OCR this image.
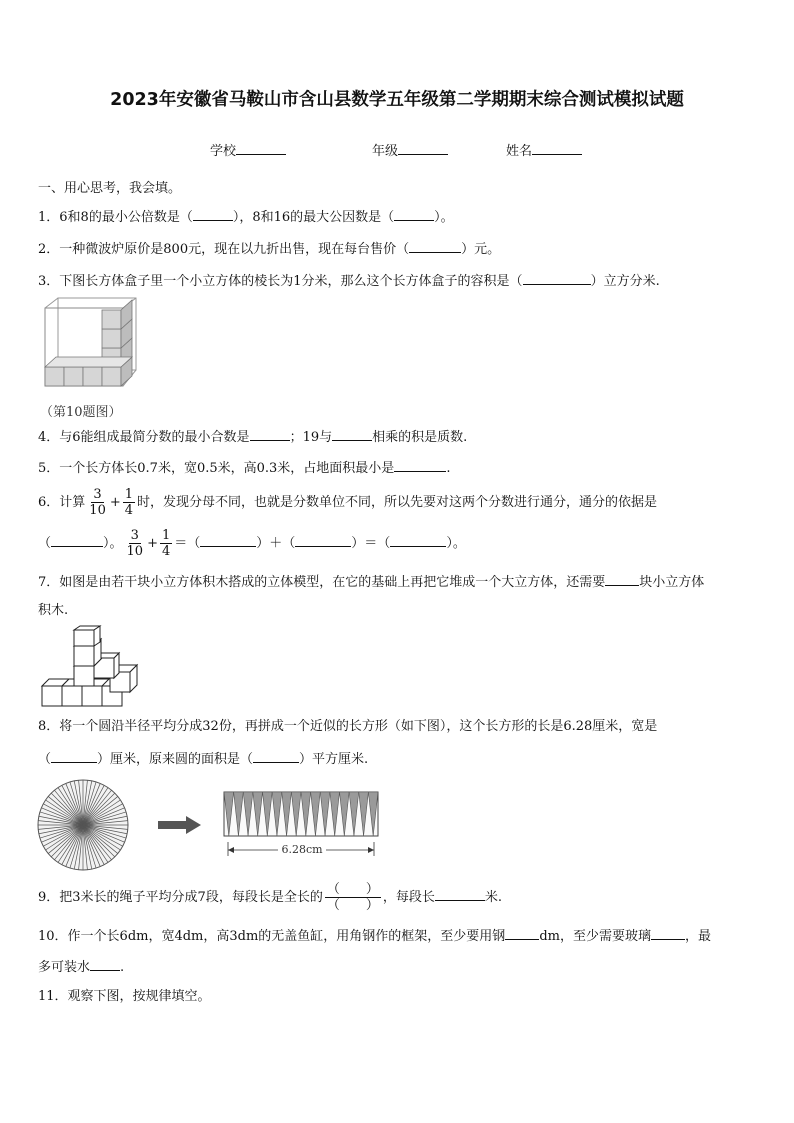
2023年安徽省马鞍山市含山县数学五年级第二学期期末综合测试模拟试题
学校	年级	姓名
一、用心思考，我会填。
1．6和8的最小公倍数是（	），8和16的最大公因数是（	）。
2．一种微波炉原价是800元，现在以九折出售，现在每台售价（	）元。
3．下图长方体盒子里一个小立方体的棱长为1分米，那么这个长方体盒子的容积是（	）立方分米.
（第10题图）
4．与6能组成最简分数的最小合数是	；19与	相乘的积是质数.
5．一个长方体长0.7米，宽0.5米，高0.3米，占地面积最小是	.
6．计算 $\frac{3}{10} + \frac{1}{4}$ 时，发现分母不同，也就是分数单位不同，所以先要对这两个分数进行通分，通分的依据是
（	）。 $\frac{3}{10} + \frac{1}{4}$ ＝（	）＋（	）＝（	）。
7．如图是由若干块小立方体积木搭成的立体模型，在它的基础上再把它堆成一个大立方体，还需要	块小立方体
积木.
8．将一个圆沿半径平均分成32份，再拼成一个近似的长方形（如下图），这个长方形的长是6.28厘米，宽是
（	）厘米，原来圆的面积是（	）平方厘米.
6.28cm
9．把3米长的绳子平均分成7段，每段长是全长的 $\frac{( )}{( )}$ ，每段长	米.
10．作一个长6dm，宽4dm，高3dm的无盖鱼缸，用角钢作的框架，至少要用钢	dm，至少需要玻璃	，最
多可装水 .
11．观察下图，按规律填空。
